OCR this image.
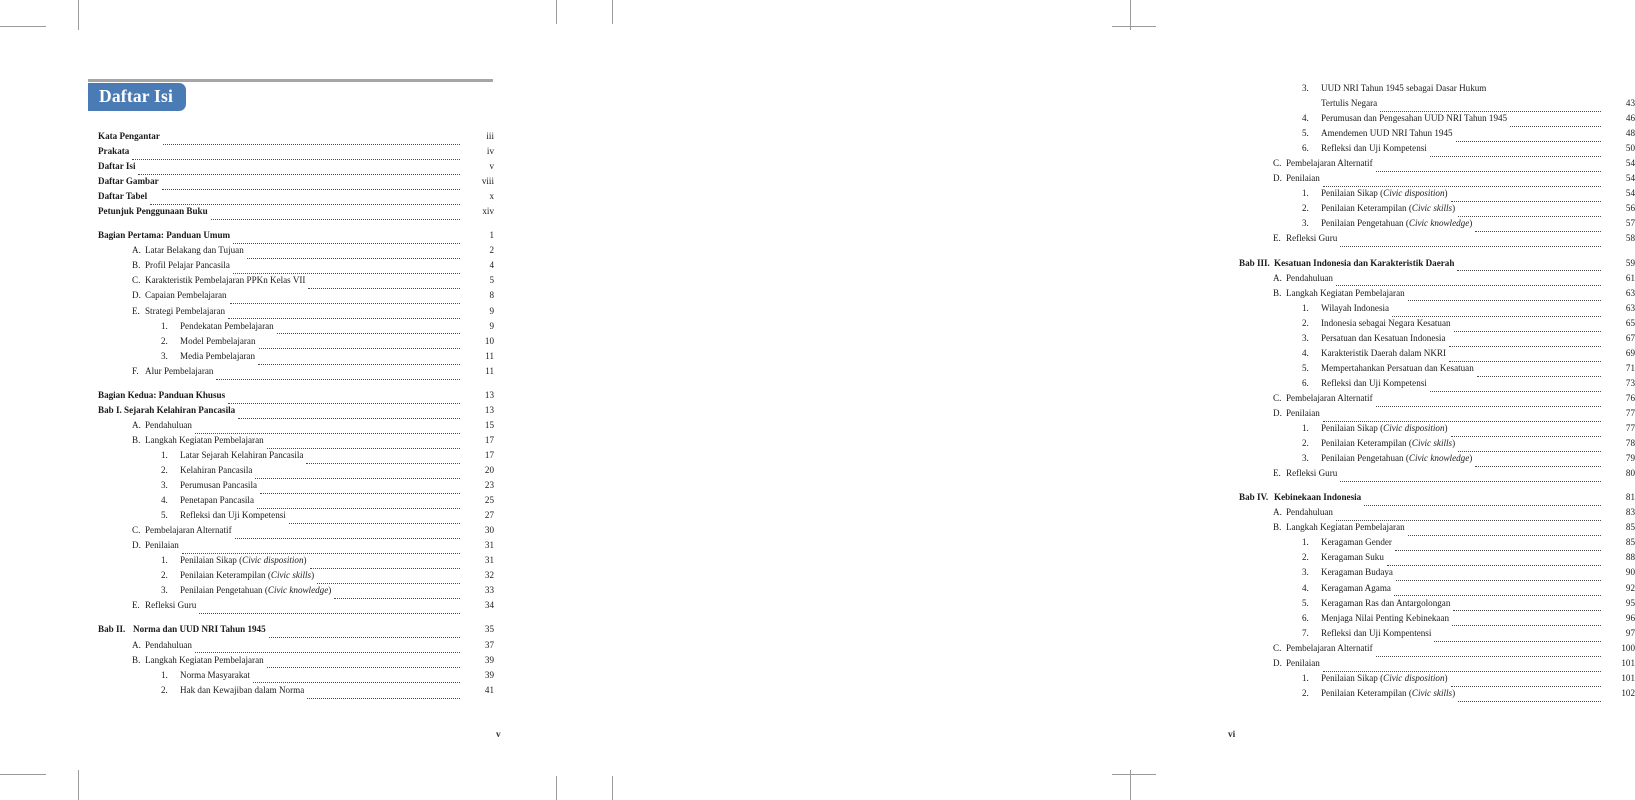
Daftar Isi
Kata Pengantar	iii
Prakata	iv
Daftar Isi	v
Daftar Gambar	viii
Daftar Tabel	x
Petunjuk Penggunaan Buku	xiv
Bagian Pertama: Panduan Umum	1
A. Latar Belakang dan Tujuan	2
B. Profil Pelajar Pancasila	4
C. Karakteristik Pembelajaran PPKn Kelas VII	5
D. Capaian Pembelajaran	8
E. Strategi Pembelajaran	9
1.	Pendekatan Pembelajaran	9
2.	Model Pembelajaran	10
3.	Media Pembelajaran	11
F. Alur Pembelajaran	11
Bagian Kedua: Panduan Khusus	13
Bab I. Sejarah Kelahiran Pancasila	13
A. Pendahuluan	15
B. Langkah Kegiatan Pembelajaran	17
1.	Latar Sejarah Kelahiran Pancasila	17
2.	Kelahiran Pancasila	20
3.	Perumusan Pancasila	23
4.	Penetapan Pancasila	25
5.	Refleksi dan Uji Kompetensi	27
C. Pembelajaran Alternatif	30
D. Penilaian	31
1.	Penilaian Sikap (Civic disposition)	31
2.	Penilaian Keterampilan (Civic skills)	32
3.	Penilaian Pengetahuan (Civic knowledge)	33
E. Refleksi Guru	34
Bab II. Norma dan UUD NRI Tahun 1945	35
A. Pendahuluan	37
B. Langkah Kegiatan Pembelajaran	39
1.	Norma Masyarakat	39
2.	Hak dan Kewajiban dalam Norma	41
v
3.	UUD NRI Tahun 1945 sebagai Dasar Hukum
Tertulis Negara	43
4.	Perumusan dan Pengesahan UUD NRI Tahun 1945	46
5.	Amendemen UUD NRI Tahun 1945	48
6.	Refleksi dan Uji Kompetensi	50
C. Pembelajaran Alternatif	54
D. Penilaian	54
1.	Penilaian Sikap (Civic disposition)	54
2.	Penilaian Keterampilan (Civic skills)	56
3.	Penilaian Pengetahuan (Civic knowledge)	57
E. Refleksi Guru	58
Bab III. Kesatuan Indonesia dan Karakteristik Daerah	59
A. Pendahuluan	61
B. Langkah Kegiatan Pembelajaran	63
1.	Wilayah Indonesia	63
2.	Indonesia sebagai Negara Kesatuan	65
3.	Persatuan dan Kesatuan Indonesia	67
4.	Karakteristik Daerah dalam NKRI	69
5.	Mempertahankan Persatuan dan Kesatuan	71
6.	Refleksi dan Uji Kompetensi	73
C. Pembelajaran Alternatif	76
D. Penilaian	77
1.	Penilaian Sikap (Civic disposition)	77
2.	Penilaian Keterampilan (Civic skills)	78
3.	Penilaian Pengetahuan (Civic knowledge)	79
E. Refleksi Guru	80
Bab IV. Kebinekaan Indonesia	81
A. Pendahuluan	83
B. Langkah Kegiatan Pembelajaran	85
1.	Keragaman Gender	85
2.	Keragaman Suku	88
3.	Keragaman Budaya	90
4.	Keragaman Agama	92
5.	Keragaman Ras dan Antargolongan	95
6.	Menjaga Nilai Penting Kebinekaan	96
7.	Refleksi dan Uji Kompentensi	97
C. Pembelajaran Alternatif	100
D. Penilaian	101
1.	Penilaian Sikap (Civic disposition)	101
2.	Penilaian Keterampilan (Civic skills)	102
vi
